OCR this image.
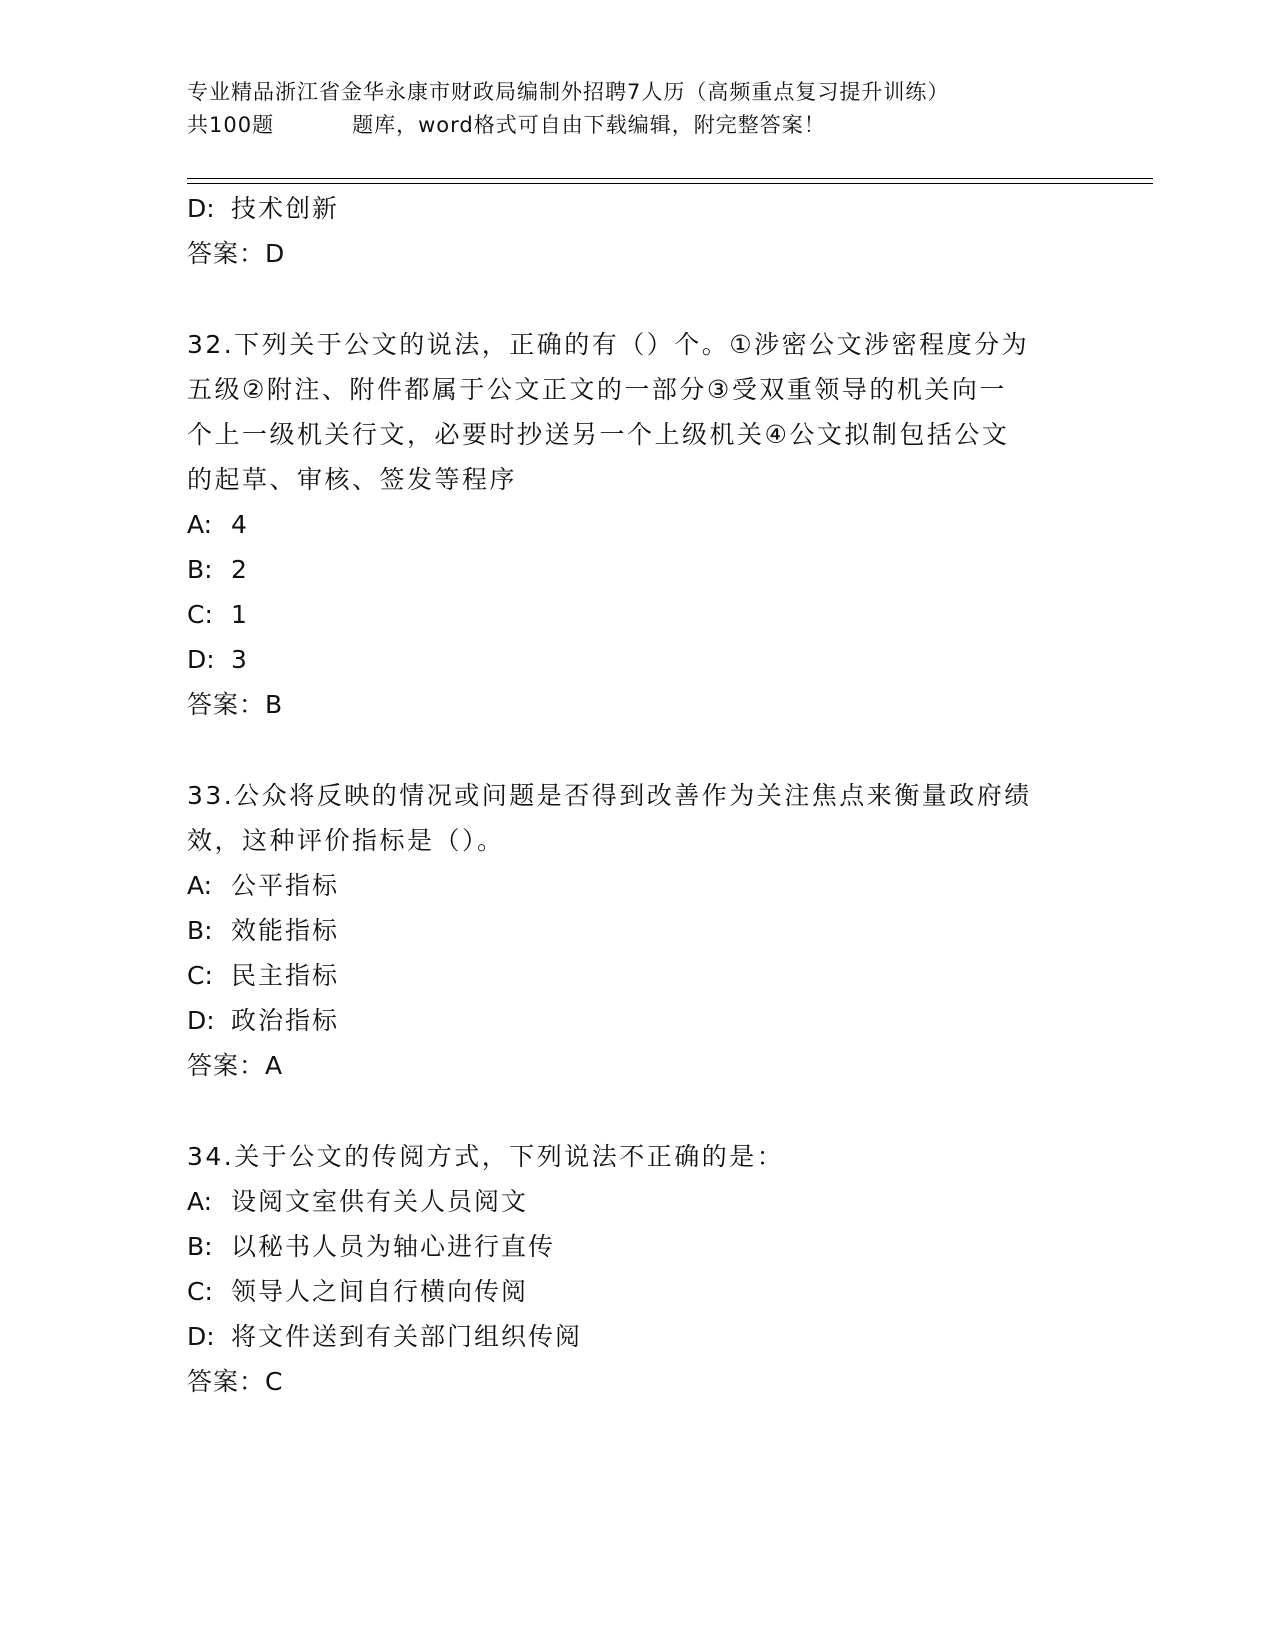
专业精品浙江省金华永康市财政局编制外招聘7人历（高频重点复习提升训练）
共100题	题库，word格式可自由下载编辑，附完整答案！
D: 技术创新
答案：D
32.下列关于公文的说法，正确的有（）个。①涉密公文涉密程度分为
五级②附注、附件都属于公文正文的一部分③受双重领导的机关向一
个上一级机关行文，必要时抄送另一个上级机关④公文拟制包括公文
的起草、审核、签发等程序
A: 4
B: 2
C: 1
D: 3
答案：B
33.公众将反映的情况或问题是否得到改善作为关注焦点来衡量政府绩
效，这种评价指标是（）。
A: 公平指标
B: 效能指标
C: 民主指标
D: 政治指标
答案：A
34.关于公文的传阅方式，下列说法不正确的是：
A: 设阅文室供有关人员阅文
B: 以秘书人员为轴心进行直传
C: 领导人之间自行横向传阅
D: 将文件送到有关部门组织传阅
答案：C
